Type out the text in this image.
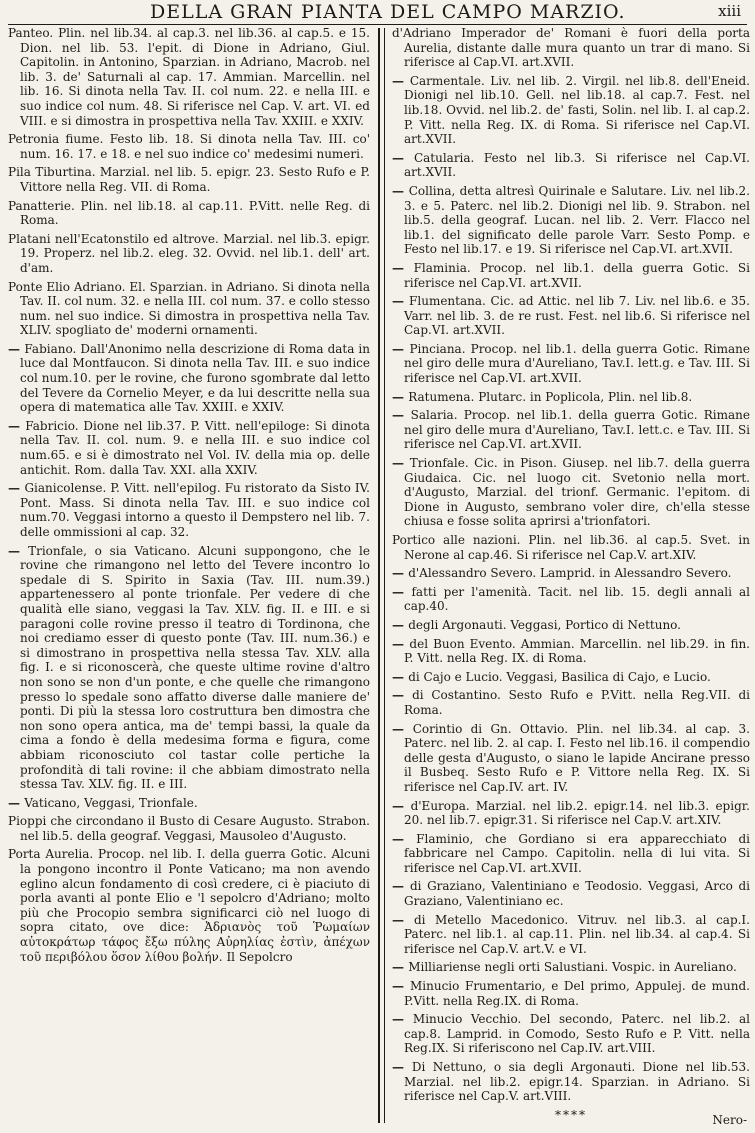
DELLA GRAN PIANTA DEL CAMPO MARZIO.	xiii

Panteo. Plin. nel lib.34. al cap.3. nel lib.36. al cap.5. e 15. Dion. nel lib. 53. l'epit. di Dione in Adriano, Giul. Capitolin. in Antonino, Sparzian. in Adriano, Macrob. nel lib. 3. de' Saturnali al cap. 17. Ammian. Marcellin. nel lib. 16. Si dinota nella Tav. II. col num. 22. e nella III. e suo indice col num. 48. Si riferisce nel Cap. V. art. VI. ed VIII. e si dimostra in prospettiva nella Tav. XXIII. e XXIV.

Petronia fiume. Festo lib. 18. Si dinota nella Tav. III. co' num. 16. 17. e 18. e nel suo indice co' medesimi numeri.

Pila Tiburtina. Marzial. nel lib. 5. epigr. 23. Sesto Rufo e P. Vittore nella Reg. VII. di Roma.

Panatterie. Plin. nel lib.18. al cap.11. P.Vitt. nelle Reg. di Roma.

Platani nell'Ecatonstilo ed altrove. Marzial. nel lib.3. epigr. 19. Properz. nel lib.2. eleg. 32. Ovvid. nel lib.1. dell' art. d'am.

Ponte Elio Adriano. El. Sparzian. in Adriano. Si dinota nella Tav. II. col num. 32. e nella III. col num. 37. e collo stesso num. nel suo indice. Si dimostra in prospettiva nella Tav. XLIV. spogliato de' moderni ornamenti.

— Fabiano. Dall'Anonimo nella descrizione di Roma data in luce dal Montfaucon. Si dinota nella Tav. III. e suo indice col num.10. per le rovine, che furono sgombrate dal letto del Tevere da Cornelio Meyer, e da lui descritte nella sua opera di matematica alle Tav. XXIII. e XXIV.

— Fabricio. Dione nel lib.37. P. Vitt. nell'epiloge: Si dinota nella Tav. II. col. num. 9. e nella III. e suo indice col num.65. e si è dimostrato nel Vol. IV. della mia op. delle antichit. Rom. dalla Tav. XXI. alla XXIV.

— Gianicolense. P. Vitt. nell'epilog. Fu ristorato da Sisto IV. Pont. Mass. Si dinota nella Tav. III. e suo indice col num.70. Veggasi intorno a questo il Dempstero nel lib. 7. delle ommissioni al cap. 32.

— Trionfale, o sia Vaticano. Alcuni suppongono, che le rovine che rimangono nel letto del Tevere incontro lo spedale di S. Spirito in Saxia (Tav. III. num.39.) appartenessero al ponte trionfale. Per vedere di che qualità elle siano, veggasi la Tav. XLV. fig. II. e III. e si paragoni colle rovine presso il teatro di Tordinona, che noi crediamo esser di questo ponte (Tav. III. num.36.) e si dimostrano in prospettiva nella stessa Tav. XLV. alla fig. I. e si riconoscerà, che queste ultime rovine d'altro non sono se non d'un ponte, e che quelle che rimangono presso lo spedale sono affatto diverse dalle maniere de' ponti. Di più la stessa loro costruttura ben dimostra che non sono opera antica, ma de' tempi bassi, la quale da cima a fondo è della medesima forma e figura, come abbiam riconosciuto col tastar colle pertiche la profondità di tali rovine: il che abbiam dimostrato nella stessa Tav. XLV. fig. II. e III.

— Vaticano, Veggasi, Trionfale.

Pioppi che circondano il Busto di Cesare Augusto. Strabon. nel lib.5. della geograf. Veggasi, Mausoleo d'Augusto.

Porta Aurelia. Procop. nel lib. I. della guerra Gotic. Alcuni la pongono incontro il Ponte Vaticano; ma non avendo eglino alcun fondamento di così credere, ci è piaciuto di porla avanti al ponte Elio e 'l sepolcro d'Adriano; molto più che Procopio sembra significarci ciò nel luogo di sopra citato, ove dice: Ἀδριανὸς τοῦ Ῥωμαίων αὐτοκράτωρ τάφος ἔξω πύλης Αὐρηλίας ἐστὶν, ἀπέχων τοῦ περιβόλου ὅσον λίθου βολήν. Il Sepolcro

d'Adriano Imperador de' Romani è fuori della porta Aurelia, distante dalle mura quanto un trar di mano. Si riferisce al Cap.VI. art.XVII.

— Carmentale. Liv. nel lib. 2. Virgil. nel lib.8. dell'Eneid. Dionigi nel lib.10. Gell. nel lib.18. al cap.7. Fest. nel lib.18. Ovvid. nel lib.2. de' fasti, Solin. nel lib. I. al cap.2. P. Vitt. nella Reg. IX. di Roma. Si riferisce nel Cap.VI. art.XVII.

— Catularia. Festo nel lib.3. Si riferisce nel Cap.VI. art.XVII.

— Collina, detta altresì Quirinale e Salutare. Liv. nel lib.2. 3. e 5. Paterc. nel lib.2. Dionigi nel lib. 9. Strabon. nel lib.5. della geograf. Lucan. nel lib. 2. Verr. Flacco nel lib.1. del significato delle parole Varr. Sesto Pomp. e Festo nel lib.17. e 19. Si riferisce nel Cap.VI. art.XVII.

— Flaminia. Procop. nel lib.1. della guerra Gotic. Si riferisce nel Cap.VI. art.XVII.

— Flumentana. Cic. ad Attic. nel lib 7. Liv. nel lib.6. e 35. Varr. nel lib. 3. de re rust. Fest. nel lib.6. Si riferisce nel Cap.VI. art.XVII.

— Pinciana. Procop. nel lib.1. della guerra Gotic. Rimane nel giro delle mura d'Aureliano, Tav.I. lett.g. e Tav. III. Si riferisce nel Cap.VI. art.XVII.

— Ratumena. Plutarc. in Poplicola, Plin. nel lib.8.

— Salaria. Procop. nel lib.1. della guerra Gotic. Rimane nel giro delle mura d'Aureliano, Tav.I. lett.c. e Tav. III. Si riferisce nel Cap.VI. art.XVII.

— Trionfale. Cic. in Pison. Giusep. nel lib.7. della guerra Giudaica. Cic. nel luogo cit. Svetonio nella mort. d'Augusto, Marzial. del trionf. Germanic. l'epitom. di Dione in Augusto, sembrano voler dire, ch'ella stesse chiusa e fosse solita aprirsi a'trionfatori.

Portico alle nazioni. Plin. nel lib.36. al cap.5. Svet. in Nerone al cap.46. Si riferisce nel Cap.V. art.XIV.

— d'Alessandro Severo. Lamprid. in Alessandro Severo.

— fatti per l'amenità. Tacit. nel lib. 15. degli annali al cap.40.

— degli Argonauti. Veggasi, Portico di Nettuno.

— del Buon Evento. Ammian. Marcellin. nel lib.29. in fin. P. Vitt. nella Reg. IX. di Roma.

— di Cajo e Lucio. Veggasi, Basilica di Cajo, e Lucio.

— di Costantino. Sesto Rufo e P.Vitt. nella Reg.VII. di Roma.

— Corintio di Gn. Ottavio. Plin. nel lib.34. al cap. 3. Paterc. nel lib. 2. al cap. I. Festo nel lib.16. il compendio delle gesta d'Augusto, o siano le lapide Ancirane presso il Busbeq. Sesto Rufo e P. Vittore nella Reg. IX. Si riferisce nel Cap.IV. art. IV.

— d'Europa. Marzial. nel lib.2. epigr.14. nel lib.3. epigr. 20. nel lib.7. epigr.31. Si riferisce nel Cap.V. art.XIV.

— Flaminio, che Gordiano si era apparecchiato di fabbricare nel Campo. Capitolin. nella di lui vita. Si riferisce nel Cap.VI. art.XVII.

— di Graziano, Valentiniano e Teodosio. Veggasi, Arco di Graziano, Valentiniano ec.

— di Metello Macedonico. Vitruv. nel lib.3. al cap.I. Paterc. nel lib.1. al cap.11. Plin. nel lib.34. al cap.4. Si riferisce nel Cap.V. art.V. e VI.

— Milliariense negli orti Salustiani. Vospic. in Aureliano.

— Minucio Frumentario, e Del primo, Appulej. de mund. P.Vitt. nella Reg.IX. di Roma.

— Minucio Vecchio. Del secondo, Paterc. nel lib.2. al cap.8. Lamprid. in Comodo, Sesto Rufo e P. Vitt. nella Reg.IX. Si riferiscono nel Cap.IV. art.VIII.

— Di Nettuno, o sia degli Argonauti. Dione nel lib.53. Marzial. nel lib.2. epigr.14. Sparzian. in Adriano. Si riferisce nel Cap.V. art.VIII.

****	Nero-
